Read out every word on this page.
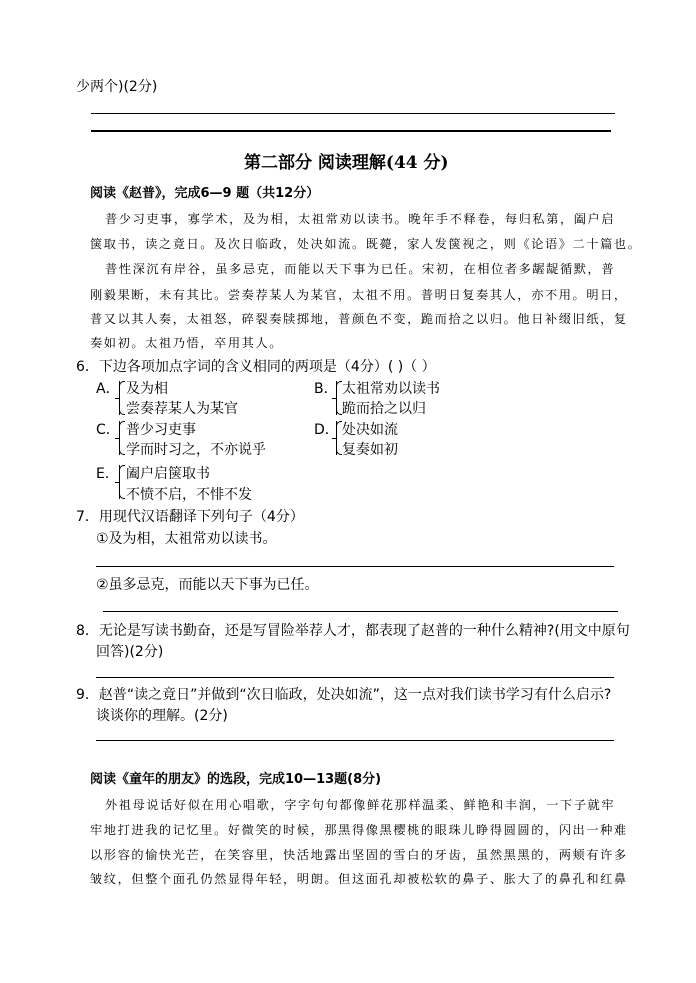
少两个)(2分)
第二部分 阅读理解(44 分)
阅读《赵普》，完成6—9 题（共12分）
普少习吏事，寡学术，及为相，太祖常劝以读书。晚年手不释卷，每归私第，阖户启
箧取书，读之竟日。及次日临政，处决如流。既薨，家人发箧视之，则《论语》二十篇也。
普性深沉有岸谷，虽多忌克，而能以天下事为已任。宋初，在相位者多龌龊循默，普
刚毅果断，未有其比。尝奏荐某人为某官，太祖不用。普明日复奏其人，亦不用。明日，
普又以其人奏，太祖怒，碎裂奏牍掷地，普颜色不变，跪而拾之以归。他日补缀旧纸，复
奏如初。太祖乃悟，卒用其人。
6．下边各项加点字词的含义相同的两项是（4分）( )（ ）
A． 及为相
尝奏荐某人为某官
B． 太祖常劝以读书
跪而拾之以归
C． 普少习吏事
学而时习之，不亦说乎
D． 处决如流
复奏如初
E． 阖户启箧取书
不愤不启，不悱不发
7．用现代汉语翻译下列句子（4分）
①及为相，太祖常劝以读书。
②虽多忌克，而能以天下事为已任。
8．无论是写读书勤奋，还是写冒险举荐人才，都表现了赵普的一种什么精神?(用文中原句
回答)(2分)
9．赵普“读之竟日”并做到“次日临政，处决如流”，这一点对我们读书学习有什么启示?
谈谈你的理解。(2分)
阅读《童年的朋友》的选段，完成10—13题(8分)
外祖母说话好似在用心唱歌，字字句句都像鲜花那样温柔、鲜艳和丰润，一下子就牢
牢地打进我的记忆里。好微笑的时候，那黑得像黑樱桃的眼珠儿睁得圆圆的，闪出一种难
以形容的愉快光芒，在笑容里，快活地露出坚固的雪白的牙齿，虽然黑黑的，两颊有许多
皱纹，但整个面孔仍然显得年轻，明朗。但这面孔却被松软的鼻子、胀大了的鼻孔和红鼻
